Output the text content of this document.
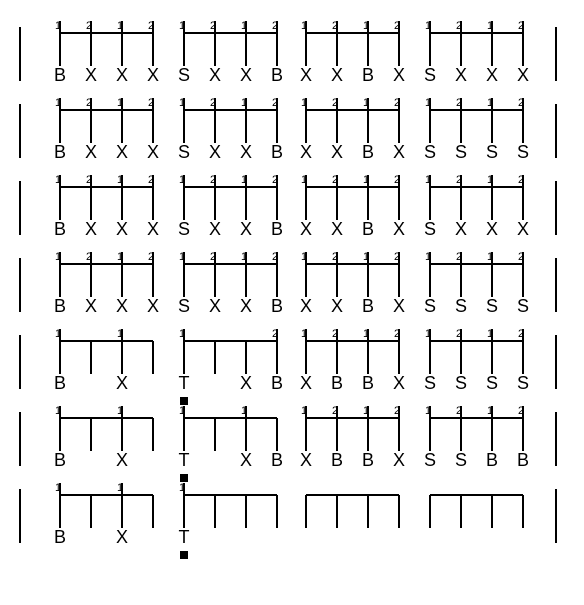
1
B
2
X
1
X
2
X
1
S
2
X
1
X
2
B
1
X
2
X
1
B
2
X
1
S
2
X
1
X
2
X
1
B
2
X
1
X
2
X
1
S
2
X
1
X
2
B
1
X
2
X
1
B
2
X
1
S
2
S
1
S
2
S
1
B
2
X
1
X
2
X
1
S
2
X
1
X
2
B
1
X
2
X
1
B
2
X
1
S
2
X
1
X
2
X
1
B
2
X
1
X
2
X
1
S
2
X
1
X
2
B
1
X
2
X
1
B
2
X
1
S
2
S
1
S
2
S
1
B
1
X
1
T	X
2
B
1
X
2
B
1
B
2
X
1
S
2
S
1
S
2
S
1
B
1
X
1
T
1
X B
1
X
2
B
1
B
2
X
1
S
2
S
1
B
2
B
1
B
1
X
1
T
